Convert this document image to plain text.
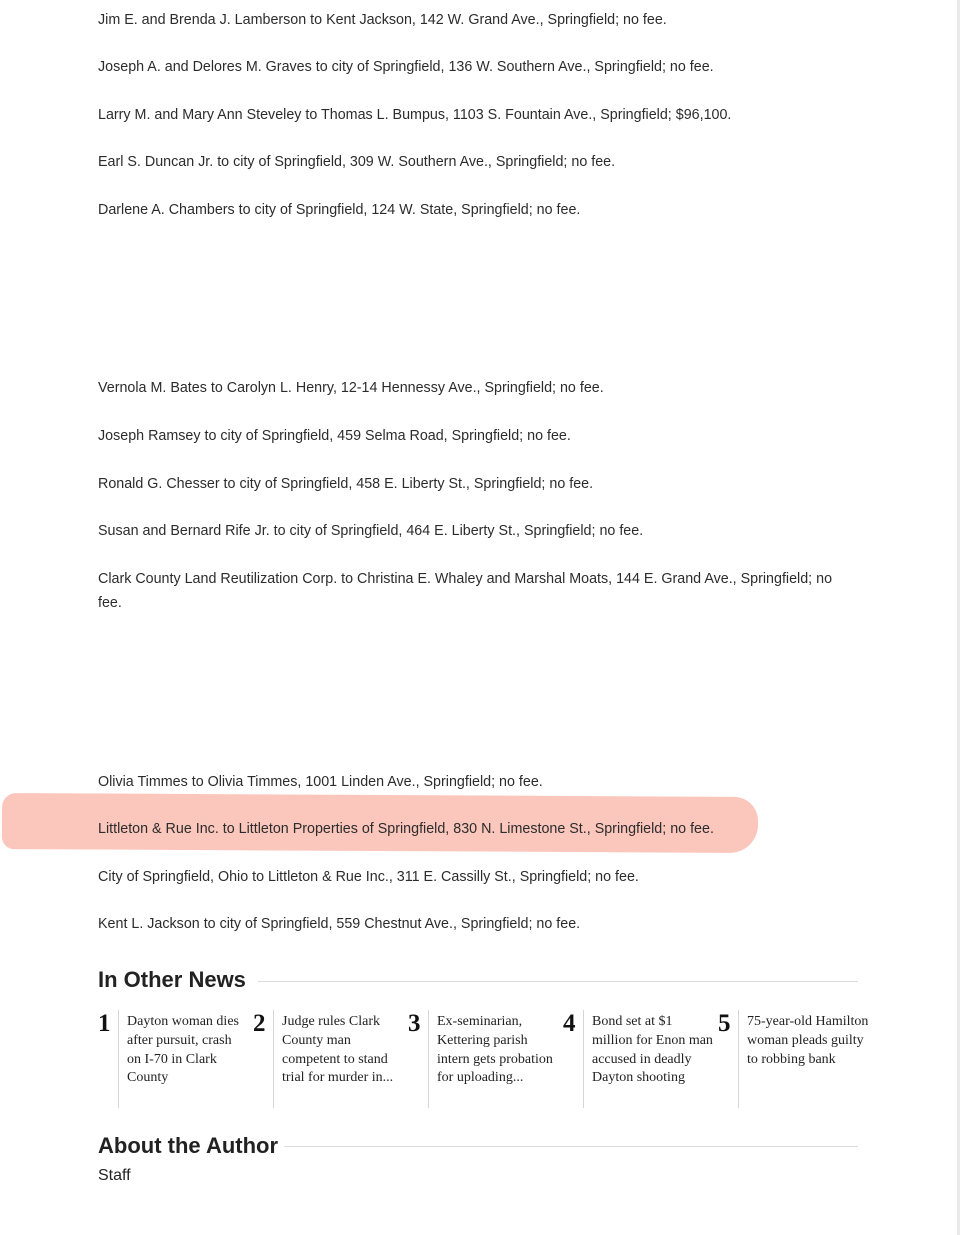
Jim E. and Brenda J. Lamberson to Kent Jackson, 142 W. Grand Ave., Springfield; no fee.

Joseph A. and Delores M. Graves to city of Springfield, 136 W. Southern Ave., Springfield; no fee.

Larry M. and Mary Ann Steveley to Thomas L. Bumpus, 1103 S. Fountain Ave., Springfield; $96,100.

Earl S. Duncan Jr. to city of Springfield, 309 W. Southern Ave., Springfield; no fee.

Darlene A. Chambers to city of Springfield, 124 W. State, Springfield; no fee.

Vernola M. Bates to Carolyn L. Henry, 12-14 Hennessy Ave., Springfield; no fee.

Joseph Ramsey to city of Springfield, 459 Selma Road, Springfield; no fee.

Ronald G. Chesser to city of Springfield, 458 E. Liberty St., Springfield; no fee.

Susan and Bernard Rife Jr. to city of Springfield, 464 E. Liberty St., Springfield; no fee.

Clark County Land Reutilization Corp. to Christina E. Whaley and Marshal Moats, 144 E. Grand Ave., Springfield; no fee.

Olivia Timmes to Olivia Timmes, 1001 Linden Ave., Springfield; no fee.

Littleton & Rue Inc. to Littleton Properties of Springfield, 830 N. Limestone St., Springfield; no fee.

City of Springfield, Ohio to Littleton & Rue Inc., 311 E. Cassilly St., Springfield; no fee.

Kent L. Jackson to city of Springfield, 559 Chestnut Ave., Springfield; no fee.

In Other News
1 Dayton woman dies after pursuit, crash on I-70 in Clark County
2 Judge rules Clark County man competent to stand trial for murder in...
3 Ex-seminarian, Kettering parish intern gets probation for uploading...
4 Bond set at $1 million for Enon man accused in deadly Dayton shooting
5 75-year-old Hamilton woman pleads guilty to robbing bank
About the Author
Staff
